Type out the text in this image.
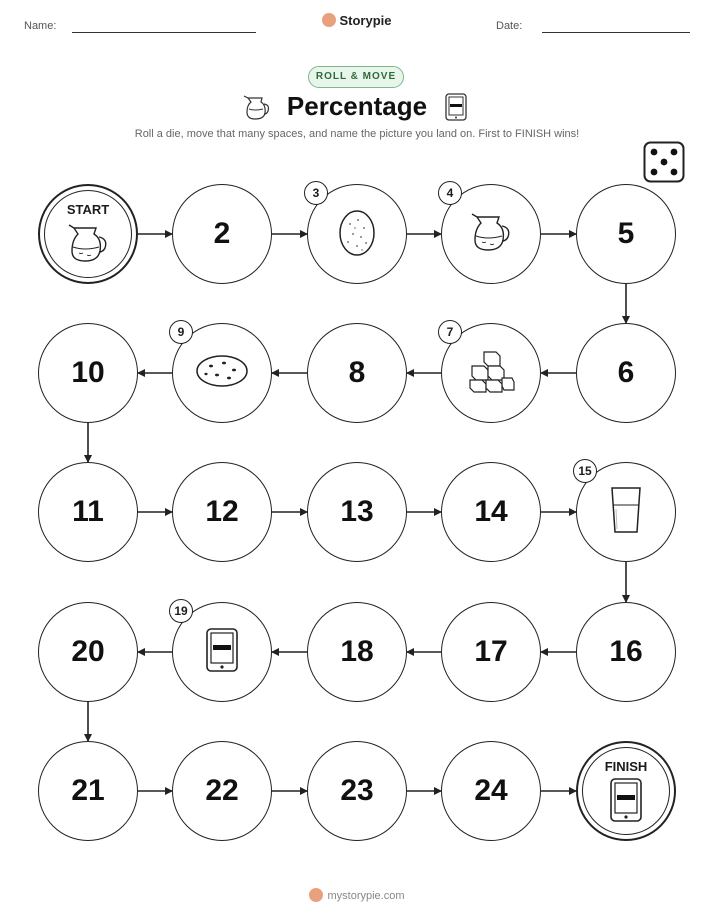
Name:	Storypie	Date:
ROLL & MOVE
Percentage
Roll a die, move that many spaces, and name the picture you land on. First to FINISH wins!
START
2
3	4
5
6
7
8
9
10
11	12	13	14
15
16
17
18
19
20
21	22	23	24
FINISH
mystorypie.com
